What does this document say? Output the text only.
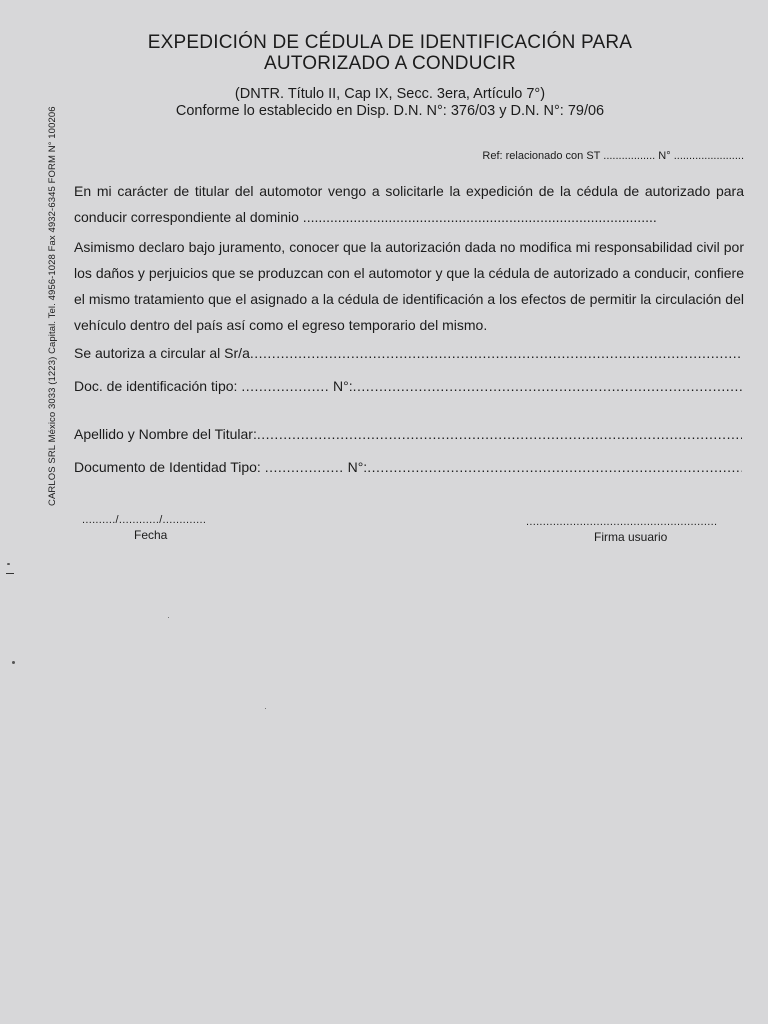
EXPEDICIÓN DE CÉDULA DE IDENTIFICACIÓN PARA
AUTORIZADO A CONDUCIR
(DNTR. Título II, Cap IX, Secc. 3era, Artículo 7°)
Conforme lo establecido en Disp. D.N. N°: 376/03 y D.N. N°: 79/06
Ref: relacionado con ST ................. N° .......................
CARLOS SRL México 3033 (1223) Capital. Tel. 4956-1028 Fax 4932-6345 FORM N° 100206 En mi carácter de titular del automotor vengo a solicitarle la expedición de la cédula de autorizado para conducir correspondiente al dominio ...........................................................................................
Asimismo declaro bajo juramento, conocer que la autorización dada no modifica mi responsabilidad civil por los daños y perjuicios que se produzcan con el automotor y que la cédula de autorizado a conducir, confiere el mismo tratamiento que el asignado a la cédula de identificación a los efectos de permitir la circulación del vehículo dentro del país así como el egreso temporario del mismo.
Se autoriza a circular al Sr/a
.....
Doc. de identificación tipo:
....................
N°:
.....
Apellido y Nombre del Titular:
.....
Documento de Identidad Tipo:
..................
N°:
.....
........../............/.............
Fecha
.........................................................
Firma usuario
